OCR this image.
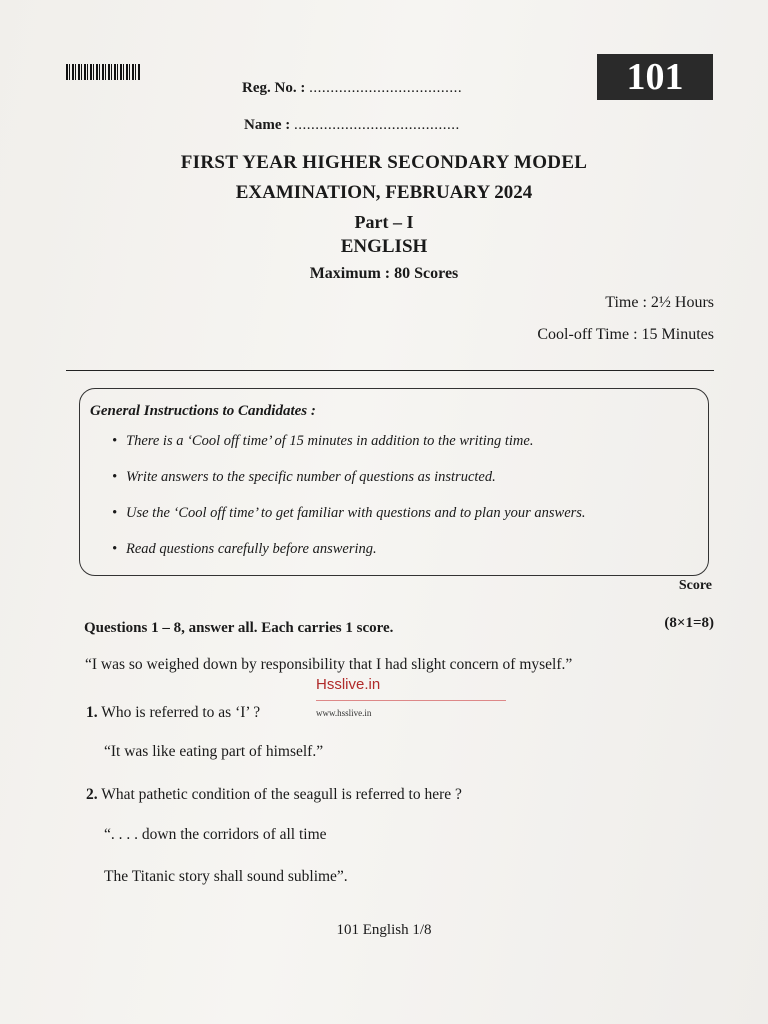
101
Reg. No. : ....................................
Name : .......................................
FIRST YEAR HIGHER SECONDARY MODEL
EXAMINATION, FEBRUARY 2024
Part – I
ENGLISH
Maximum : 80 Scores
Time : 2½ Hours
Cool-off Time : 15 Minutes
General Instructions to Candidates :
• There is a ‘Cool off time’ of 15 minutes in addition to the writing time.
• Write answers to the specific number of questions as instructed.
• Use the ‘Cool off time’ to get familiar with questions and to plan your answers.
• Read questions carefully before answering.
Score
Questions 1 – 8, answer all. Each carries 1 score.	(8×1=8)
“I was so weighed down by responsibility that I had slight concern of myself.”
Hsslive.in
www.hsslive.in
1. Who is referred to as ‘I’ ?
“It was like eating part of himself.”
2. What pathetic condition of the seagull is referred to here ?
“. . . . down the corridors of all time
The Titanic story shall sound sublime”.
101 English 1/8
